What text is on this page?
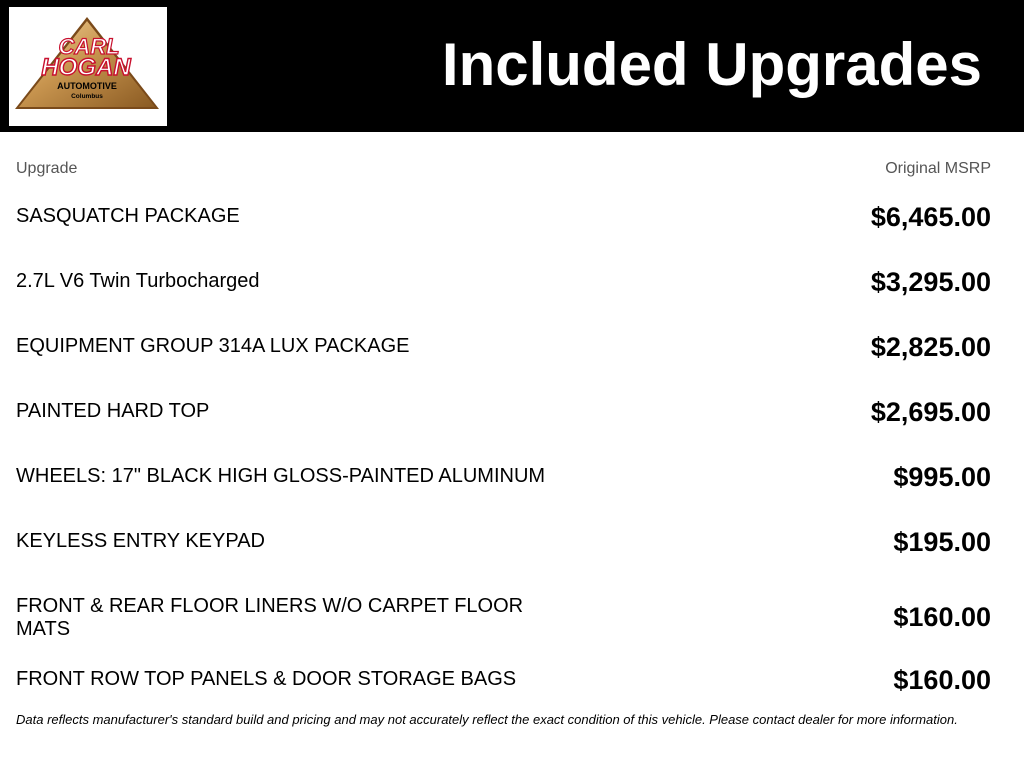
CARL
HOGAN
AUTOMOTIVE
Columbus	Included Upgrades
Upgrade	Original MSRP
SASQUATCH PACKAGE	$6,465.00
2.7L V6 Twin Turbocharged	$3,295.00
EQUIPMENT GROUP 314A LUX PACKAGE	$2,825.00
PAINTED HARD TOP	$2,695.00
WHEELS: 17" BLACK HIGH GLOSS-PAINTED ALUMINUM	$995.00
KEYLESS ENTRY KEYPAD	$195.00
FRONT & REAR FLOOR LINERS W/O CARPET FLOOR MATS	$160.00
FRONT ROW TOP PANELS & DOOR STORAGE BAGS	$160.00
Data reflects manufacturer's standard build and pricing and may not accurately reflect the exact condition of this vehicle. Please contact dealer for more information.
